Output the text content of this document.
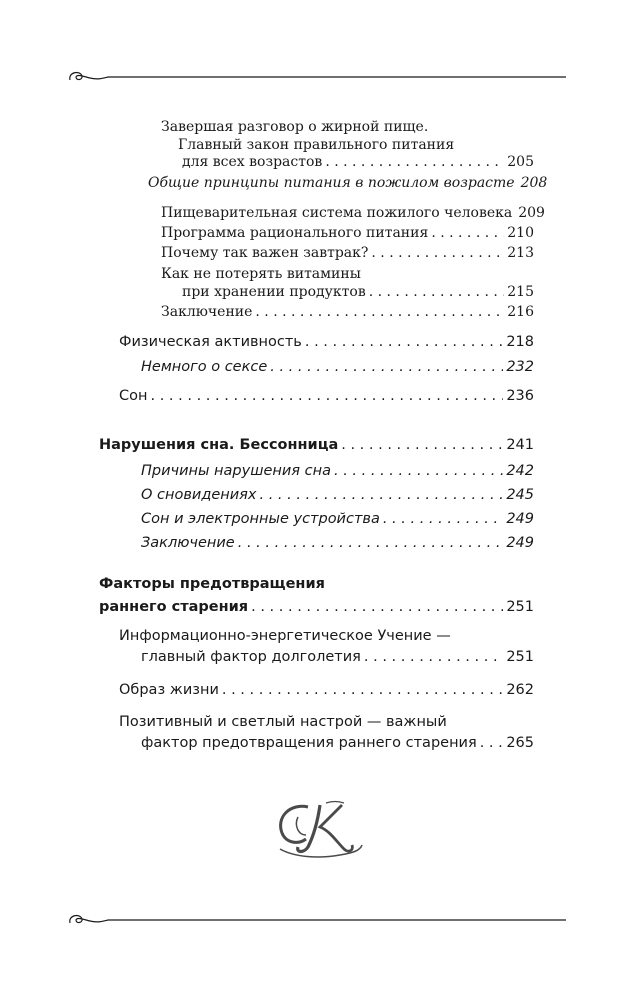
Завершая разговор о жирной пище.
Главный закон правильного питания
для всех возрастов . . .	205
Общие принципы питания в пожилом возрасте 208
Пищеварительная система пожилого человека 209
Программа рационального питания . . .	210
Почему так важен завтрак? . . .	213
Как не потерять витамины
при хранении продуктов . . .	215
Заключение . . .	216
Физическая активность . . .	218
Немного о сексе . . .	232
Сон . . .	236
Нарушения сна. Бессонница . . .	241
Причины нарушения сна . . .	242
О сновидениях . . .	245
Сон и электронные устройства . . .	249
Заключение . . .	249
Факторы предотвращения
раннего старения . . .	251
Информационно-энергетическое Учение —
главный фактор долголетия . . .	251
Образ жизни . . .	262
Позитивный и светлый настрой — важный
фактор предотвращения раннего старения . . . 265
